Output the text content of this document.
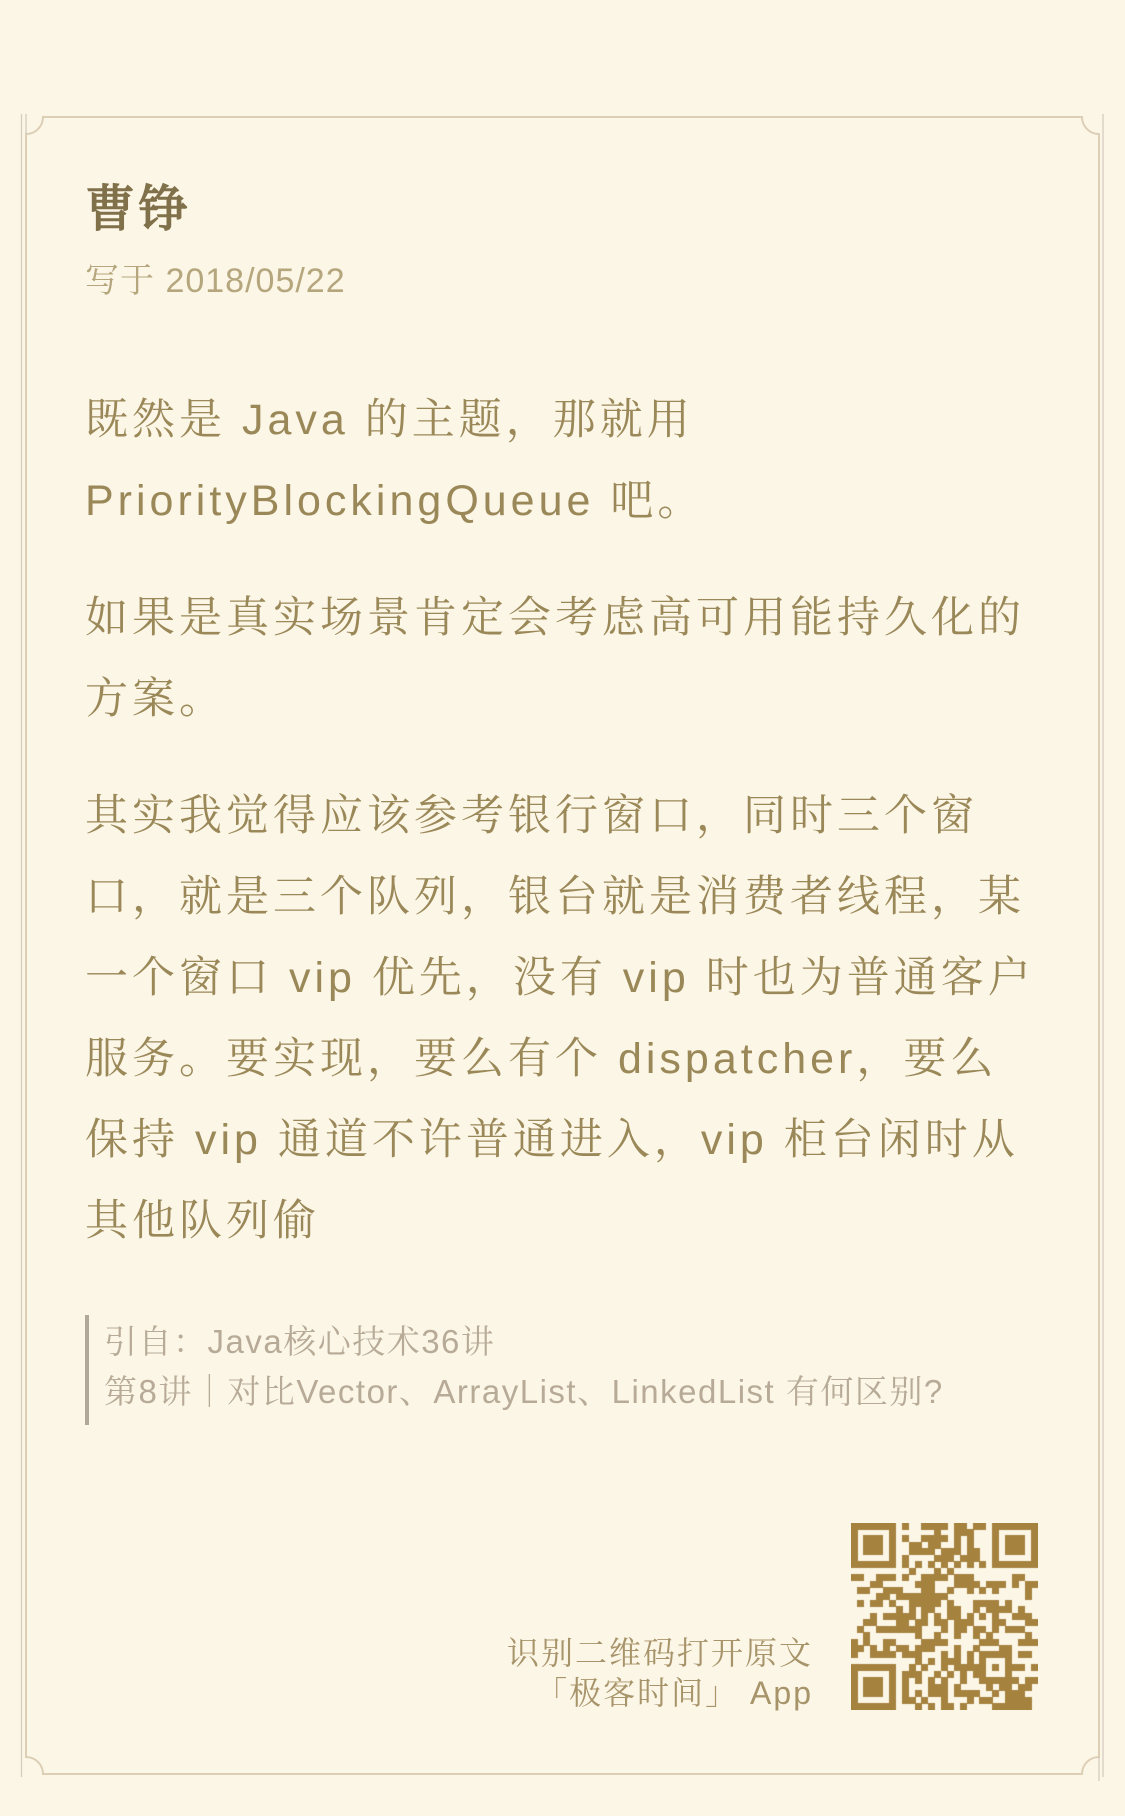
曹铮
写于 2018/05/22

既然是 Java 的主题，那就用 PriorityBlockingQueue 吧。

如果是真实场景肯定会考虑高可用能持久化的方案。

其实我觉得应该参考银行窗口，同时三个窗口，就是三个队列，银台就是消费者线程，某一个窗口 vip 优先，没有 vip 时也为普通客户服务。要实现，要么有个 dispatcher，要么保持 vip 通道不许普通进入，vip 柜台闲时从其他队列偷

引自：Java核心技术36讲
第8讲｜对比Vector、ArrayList、LinkedList 有何区别?
识别二维码打开原文
「极客时间」 App
